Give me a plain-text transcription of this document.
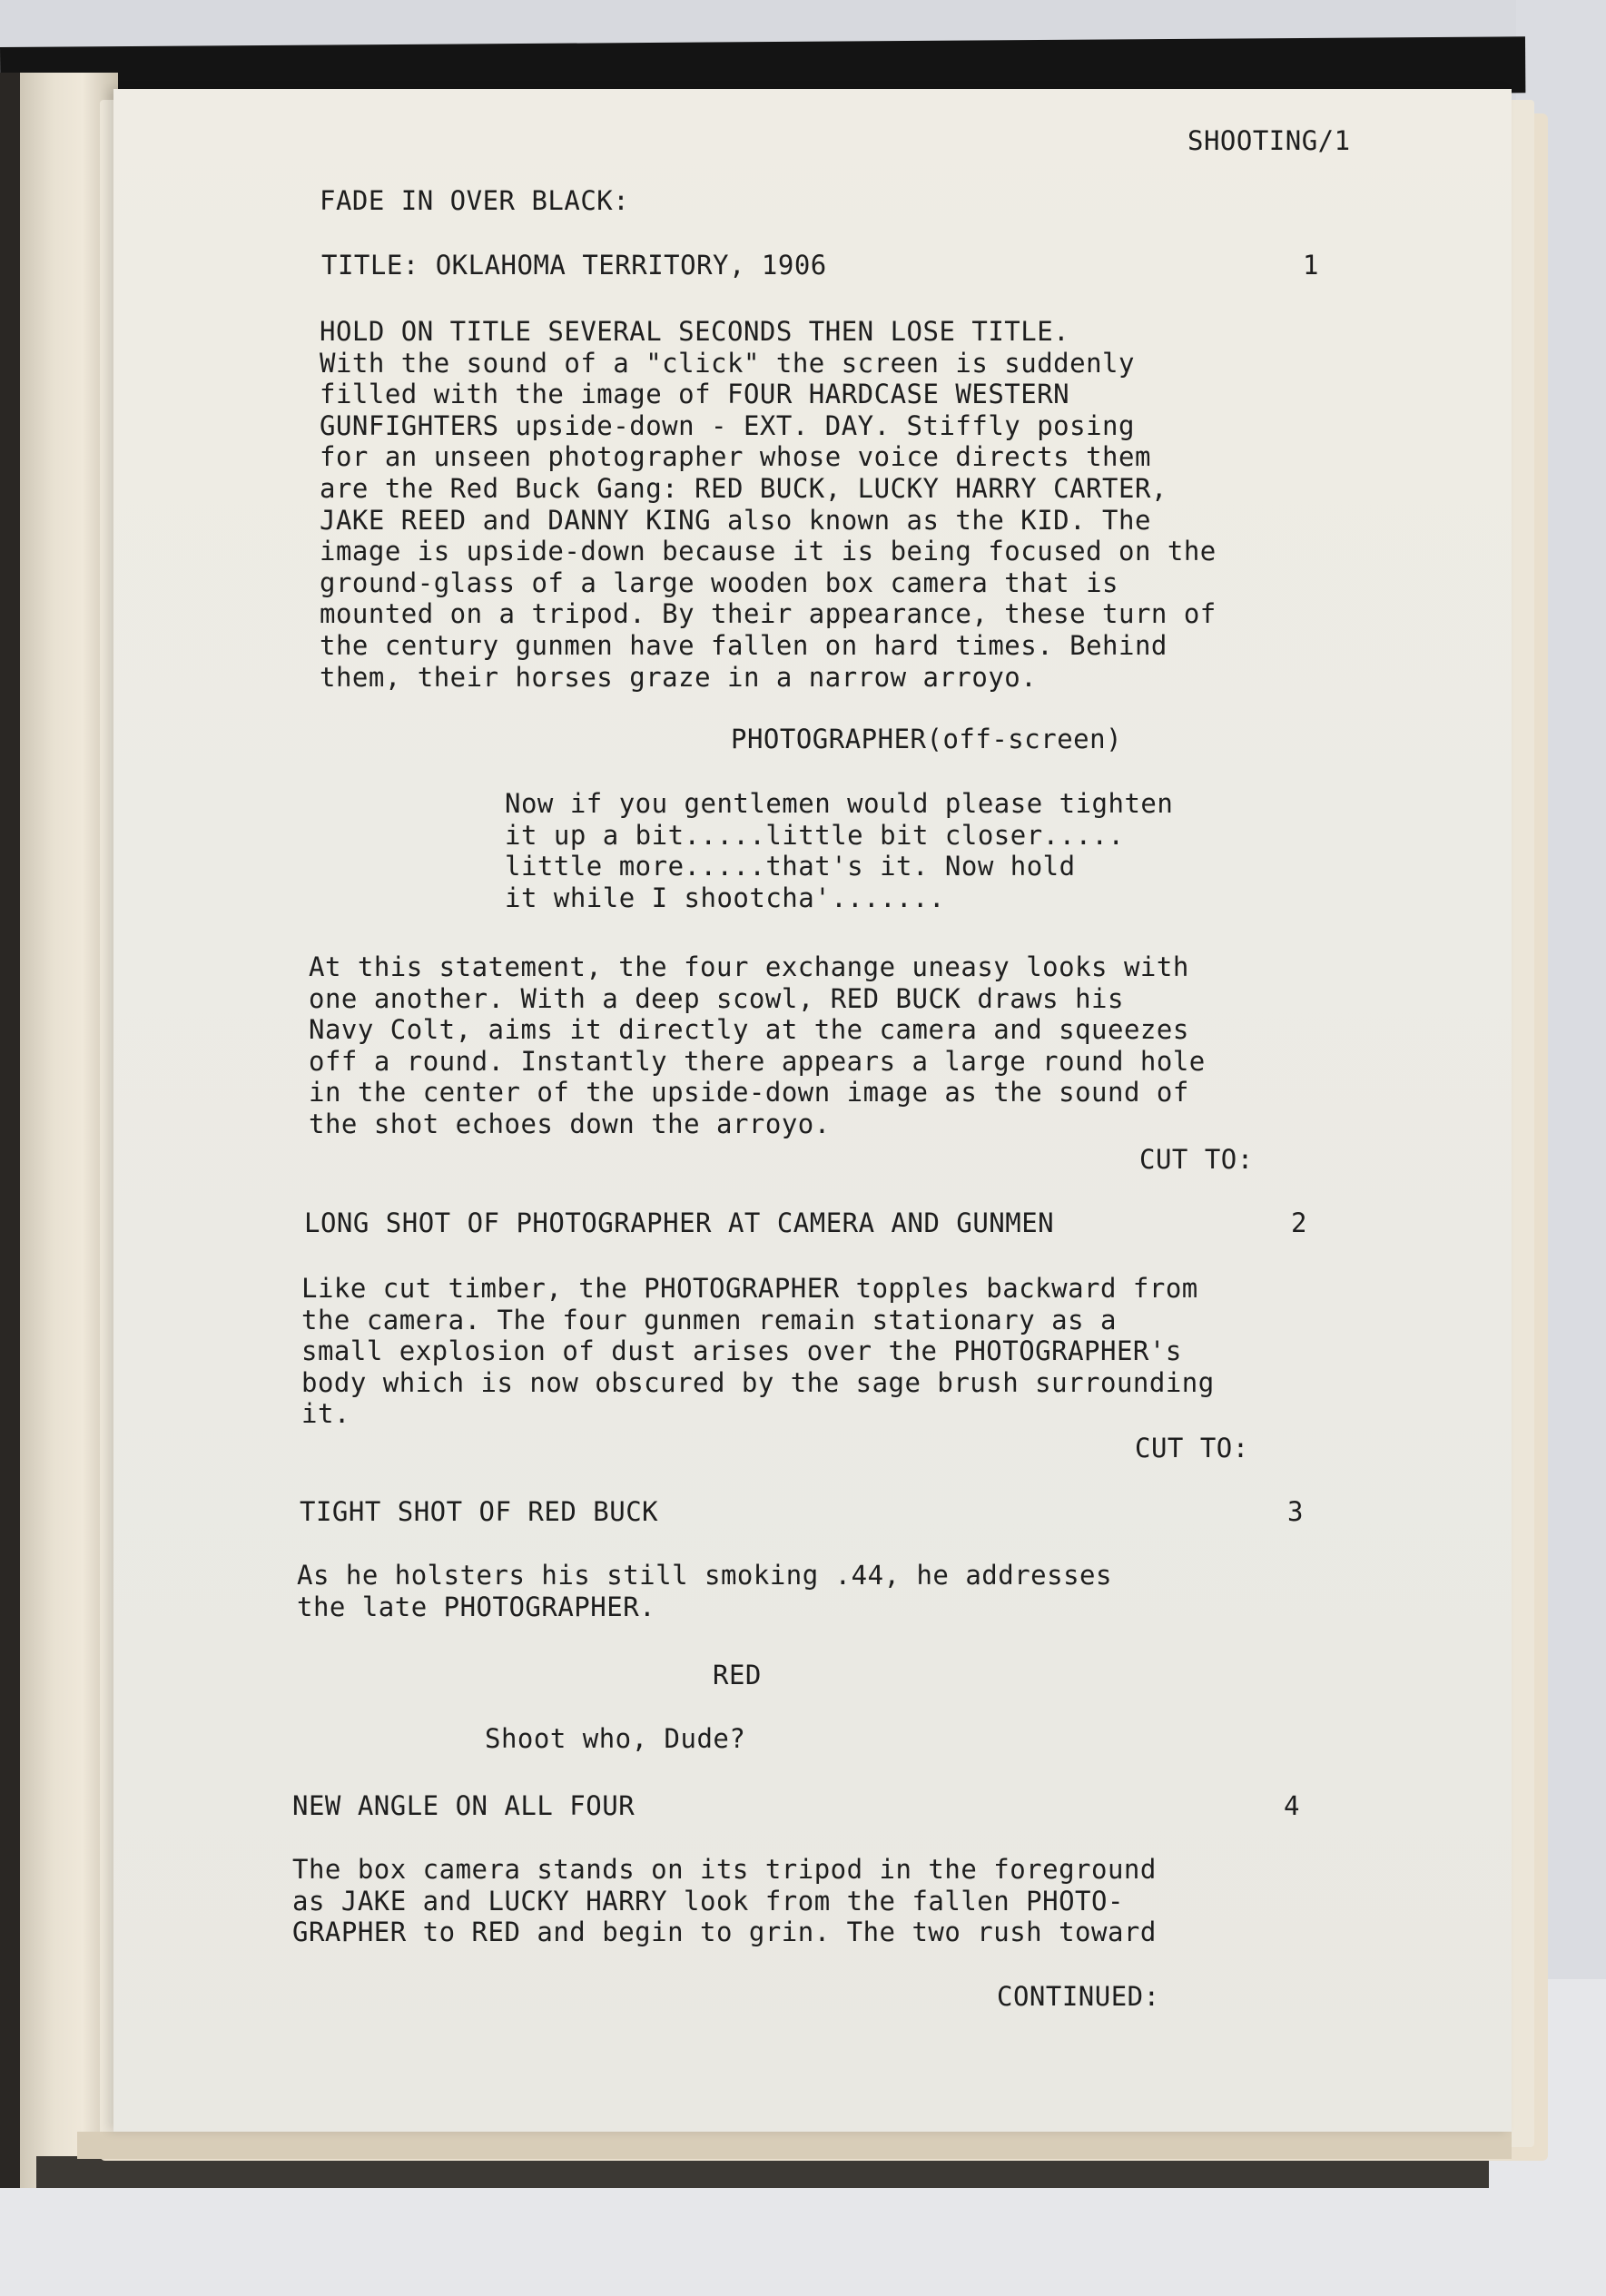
SHOOTING/1
FADE IN OVER BLACK:
TITLE: OKLAHOMA TERRITORY, 1906	1
HOLD ON TITLE SEVERAL SECONDS THEN LOSE TITLE.
With the sound of a "click" the screen is suddenly
filled with the image of FOUR HARDCASE WESTERN
GUNFIGHTERS upside-down - EXT. DAY. Stiffly posing
for an unseen photographer whose voice directs them
are the Red Buck Gang: RED BUCK, LUCKY HARRY CARTER,
JAKE REED and DANNY KING also known as the KID. The
image is upside-down because it is being focused on the
ground-glass of a large wooden box camera that is
mounted on a tripod. By their appearance, these turn of
the century gunmen have fallen on hard times. Behind
them, their horses graze in a narrow arroyo.
PHOTOGRAPHER(off-screen)
Now if you gentlemen would please tighten
it up a bit.....little bit closer.....
little more.....that's it. Now hold
it while I shootcha'.......
At this statement, the four exchange uneasy looks with
one another. With a deep scowl, RED BUCK draws his
Navy Colt, aims it directly at the camera and squeezes
off a round. Instantly there appears a large round hole
in the center of the upside-down image as the sound of
the shot echoes down the arroyo.
CUT TO:
LONG SHOT OF PHOTOGRAPHER AT CAMERA AND GUNMEN	2
Like cut timber, the PHOTOGRAPHER topples backward from
the camera. The four gunmen remain stationary as a
small explosion of dust arises over the PHOTOGRAPHER's
body which is now obscured by the sage brush surrounding
it.
CUT TO:
TIGHT SHOT OF RED BUCK	3
As he holsters his still smoking .44, he addresses
the late PHOTOGRAPHER.
RED
Shoot who, Dude?
NEW ANGLE ON ALL FOUR	4
The box camera stands on its tripod in the foreground
as JAKE and LUCKY HARRY look from the fallen PHOTO-
GRAPHER to RED and begin to grin. The two rush toward
CONTINUED:
